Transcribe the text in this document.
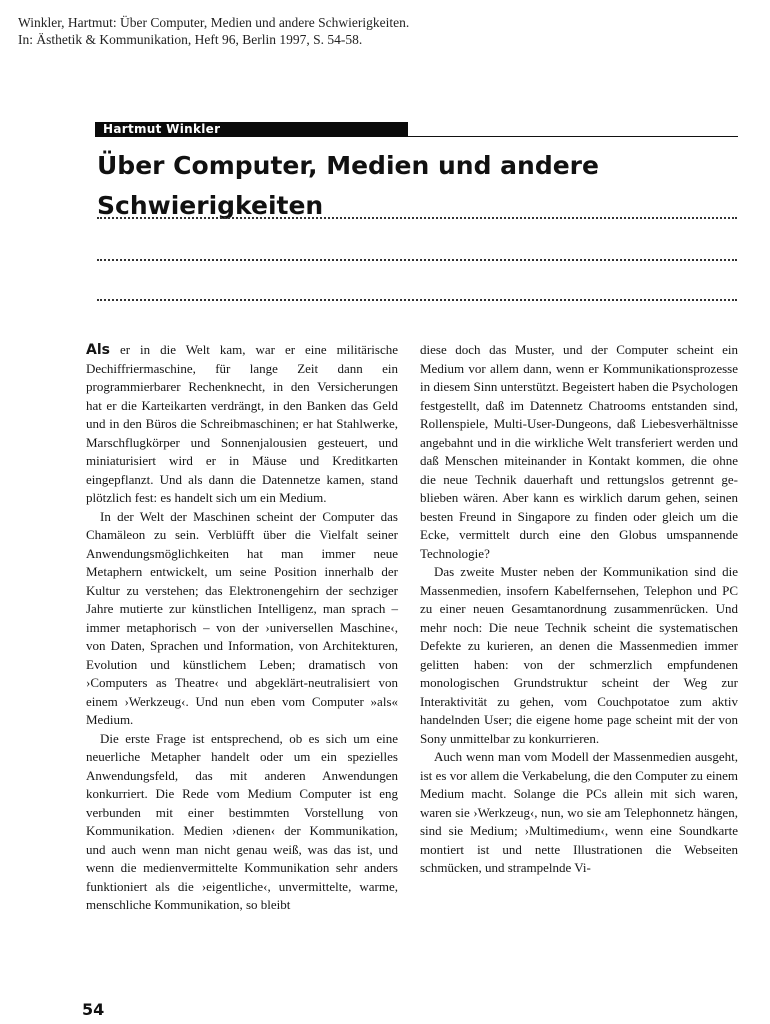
Winkler, Hartmut: Über Computer, Medien und andere Schwierigkeiten.
In: Ästhetik & Kommunikation, Heft 96, Berlin 1997, S. 54-58.
Hartmut Winkler
Über Computer, Medien und andere
Schwierigkeiten

Als er in die Welt kam, war er eine militärische Dechiffriermaschine, für lange Zeit dann ein programmierbarer Rechenknecht, in den Versicherungen hat er die Karteikarten verdrängt, in den Banken das Geld und in den Büros die Schreibmaschinen; er hat Stahlwerke, Marschflugkörper und Sonnenjalousien gesteuert, und miniaturisiert wird er in Mäuse und Kreditkarten eingepflanzt. Und als dann die Datennetze kamen, stand plötzlich fest: es handelt sich um ein Medium.

In der Welt der Maschinen scheint der Computer das Chamäleon zu sein. Verblüfft über die Vielfalt seiner Anwendungsmöglichkeiten hat man immer neue Metaphern entwickelt, um seine Position innerhalb der Kultur zu verstehen; das Elektronengehirn der sechziger Jahre mutierte zur künstlichen Intelligenz, man sprach – immer metaphorisch – von der ›universellen Maschine‹, von Daten, Sprachen und Information, von Architekturen, Evolution und künstlichem Leben; dramatisch von ›Computers as Theatre‹ und abgeklärt-neutralisiert von einem ›Werkzeug‹. Und nun eben vom Computer »als« Medium.

Die erste Frage ist entsprechend, ob es sich um eine neuerliche Metapher handelt oder um ein spezielles Anwendungsfeld, das mit anderen Anwendungen konkurriert. Die Rede vom Medium Computer ist eng verbunden mit einer bestimmten Vorstellung von Kommunikation. Medien ›dienen‹ der Kommunikation, und auch wenn man nicht genau weiß, was das ist, und wenn die medienvermittelte Kommunikation sehr anders funktioniert als die ›eigentliche‹, unvermittelte, warme, menschliche Kommunikation, so bleibt

diese doch das Muster, und der Computer scheint ein Medium vor allem dann, wenn er Kommunikationsprozesse in diesem Sinn unterstützt. Begeistert haben die Psychologen festgestellt, daß im Datennetz Chatrooms entstanden sind, Rollenspiele, Multi-User-Dungeons, daß Liebesverhältnisse angebahnt und in die wirkliche Welt transferiert werden und daß Menschen miteinander in Kontakt kommen, die ohne die neue Technik dauerhaft und rettungslos getrennt geblieben wären. Aber kann es wirklich darum gehen, seinen besten Freund in Singapore zu finden oder gleich um die Ecke, vermittelt durch eine den Globus umspannende Technologie?

Das zweite Muster neben der Kommunikation sind die Massenmedien, insofern Kabelfernsehen, Telephon und PC zu einer neuen Gesamtanordnung zusammenrücken. Und mehr noch: Die neue Technik scheint die systematischen Defekte zu kurieren, an denen die Massenmedien immer gelitten haben: von der schmerzlich empfundenen monologischen Grundstruktur scheint der Weg zur Interaktivität zu gehen, vom Couchpotatoe zum aktiv handelnden User; die eigene home page scheint mit der von Sony unmittelbar zu konkurrieren.

Auch wenn man vom Modell der Massenmedien ausgeht, ist es vor allem die Verkabelung, die den Computer zu einem Medium macht. Solange die PCs allein mit sich waren, waren sie ›Werkzeug‹, nun, wo sie am Telephonnetz hängen, sind sie Medium; ›Multimedium‹, wenn eine Soundkarte montiert ist und nette Illustrationen die Webseiten schmücken, und strampelnde Vi-

54
